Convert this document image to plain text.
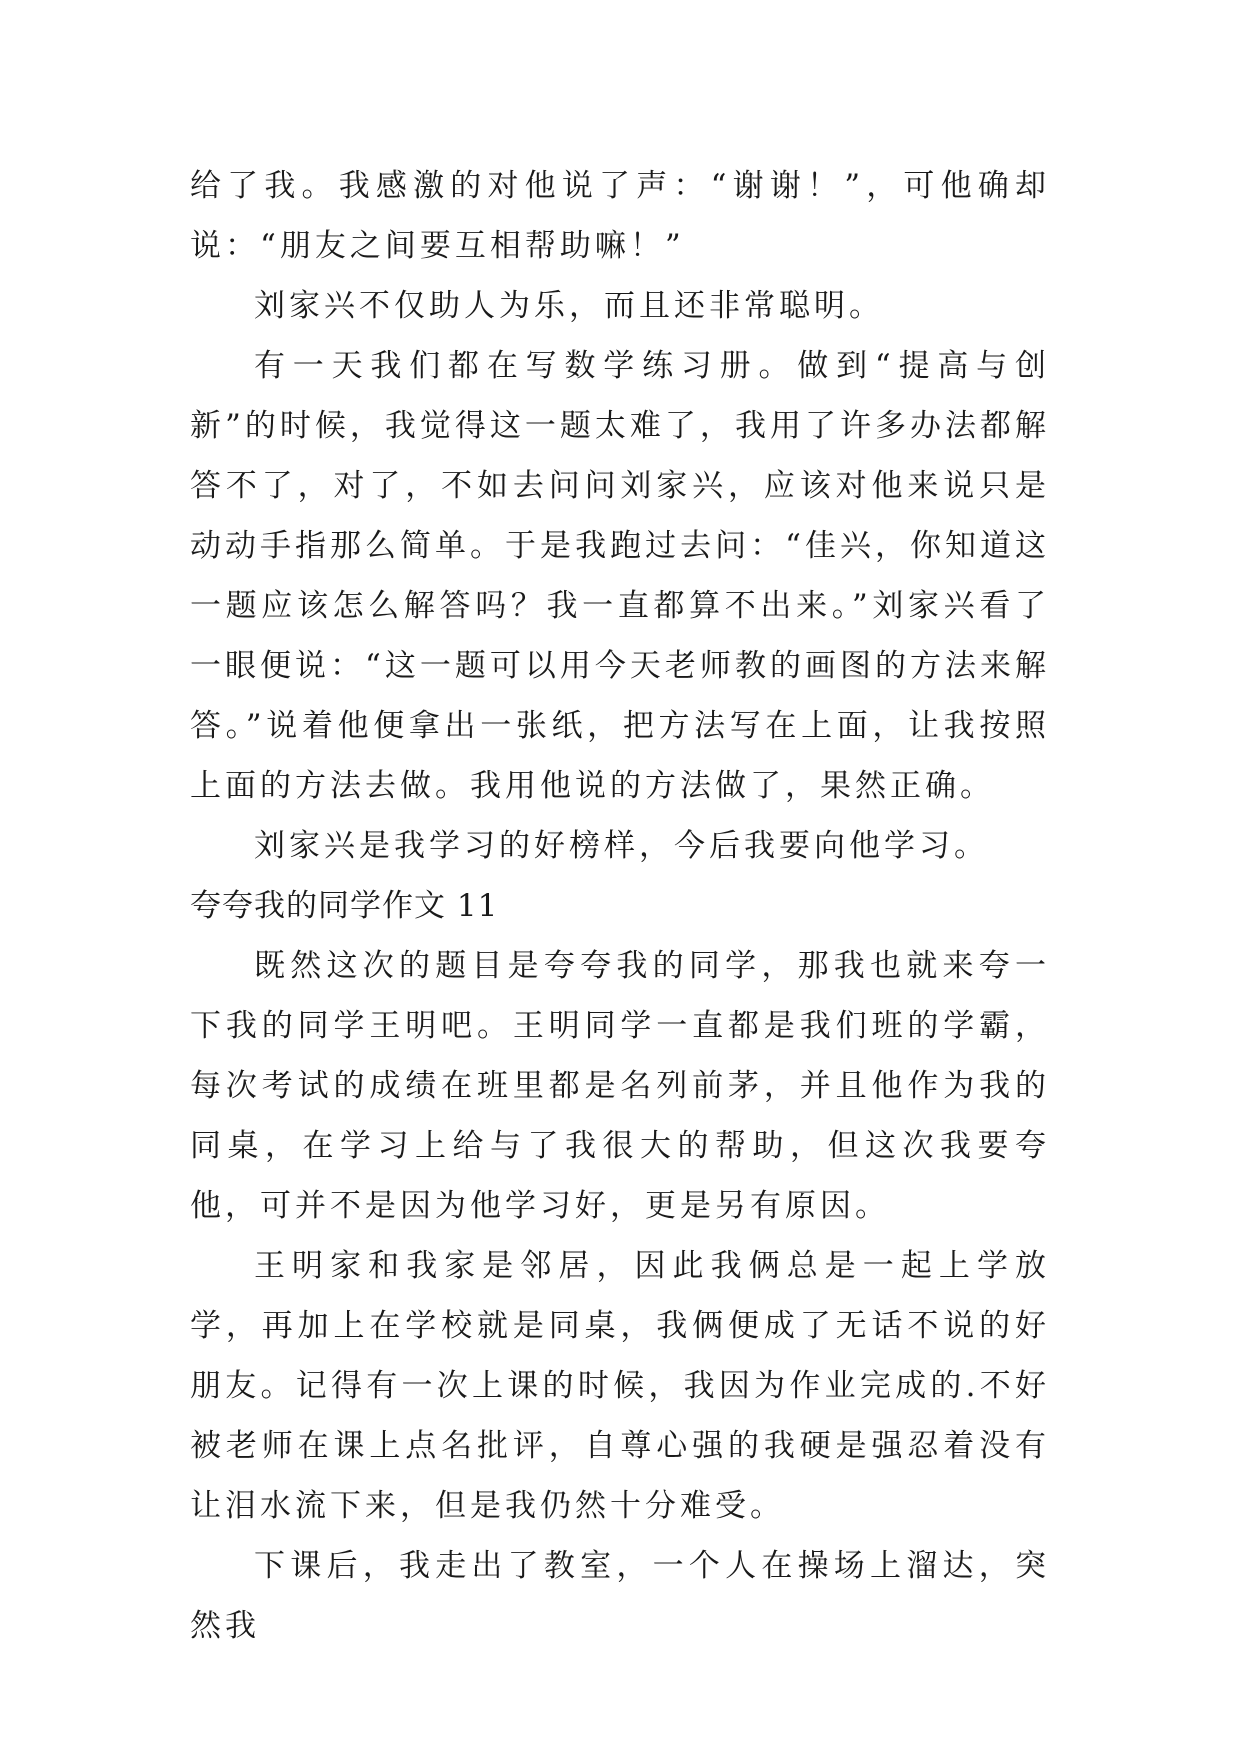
给了我。我感激的对他说了声：“谢谢！”，可他确却说：“朋友之间要互相帮助嘛！”

刘家兴不仅助人为乐，而且还非常聪明。

有一天我们都在写数学练习册。做到“提高与创新”的时候，我觉得这一题太难了，我用了许多办法都解答不了，对了，不如去问问刘家兴，应该对他来说只是动动手指那么简单。于是我跑过去问：“佳兴，你知道这一题应该怎么解答吗？我一直都算不出来。”刘家兴看了一眼便说：“这一题可以用今天老师教的画图的方法来解答。”说着他便拿出一张纸，把方法写在上面，让我按照上面的方法去做。我用他说的方法做了，果然正确。

刘家兴是我学习的好榜样，今后我要向他学习。

夸夸我的同学作文 11

既然这次的题目是夸夸我的同学，那我也就来夸一下我的同学王明吧。王明同学一直都是我们班的学霸，每次考试的成绩在班里都是名列前茅，并且他作为我的同桌，在学习上给与了我很大的帮助，但这次我要夸他，可并不是因为他学习好，更是另有原因。

王明家和我家是邻居，因此我俩总是一起上学放学，再加上在学校就是同桌，我俩便成了无话不说的好朋友。记得有一次上课的时候，我因为作业完成的.不好被老师在课上点名批评，自尊心强的我硬是强忍着没有让泪水流下来，但是我仍然十分难受。

下课后，我走出了教室，一个人在操场上溜达，突然我
